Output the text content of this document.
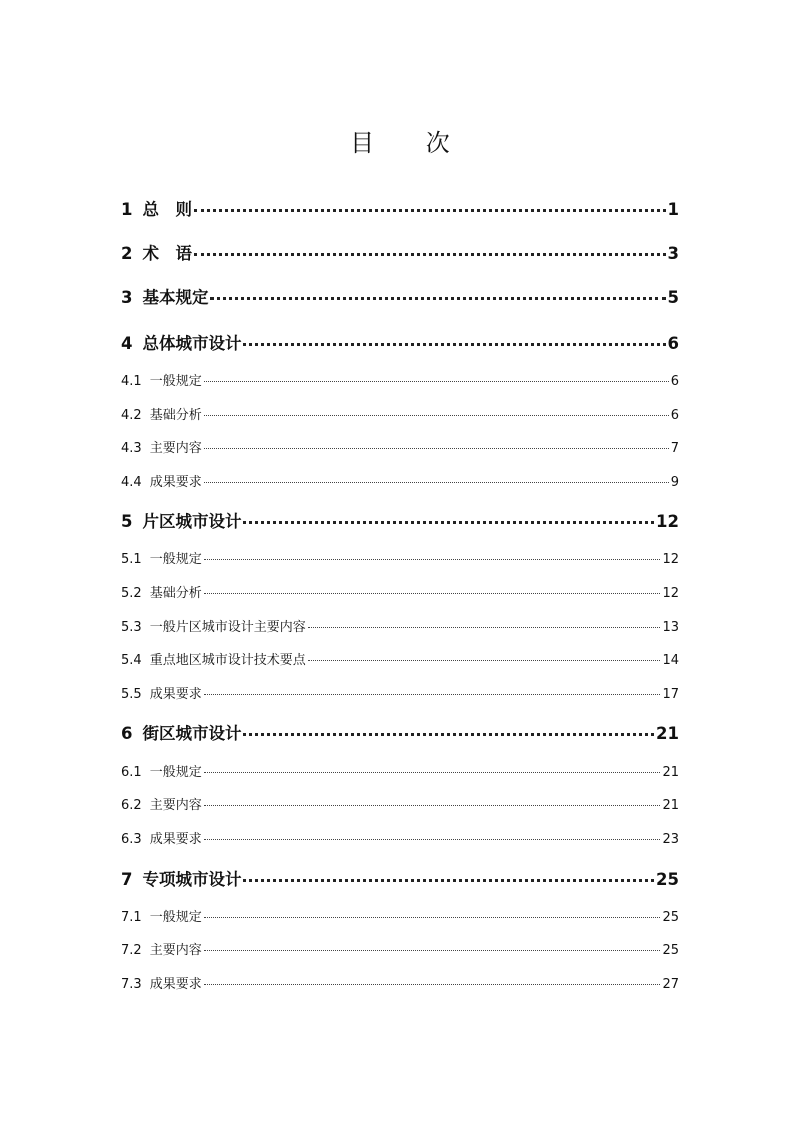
目 次
1 总　则	1
2 术　语	3
3 基本规定	5
4 总体城市设计	6
4.1 一般规定	6
4.2 基础分析	6
4.3 主要内容	7
4.4 成果要求	9
5 片区城市设计	12
5.1 一般规定	12
5.2 基础分析	12
5.3 一般片区城市设计主要内容	13
5.4 重点地区城市设计技术要点	14
5.5 成果要求	17
6 街区城市设计	21
6.1 一般规定	21
6.2 主要内容	21
6.3 成果要求	23
7 专项城市设计	25
7.1 一般规定	25
7.2 主要内容	25
7.3 成果要求	27
